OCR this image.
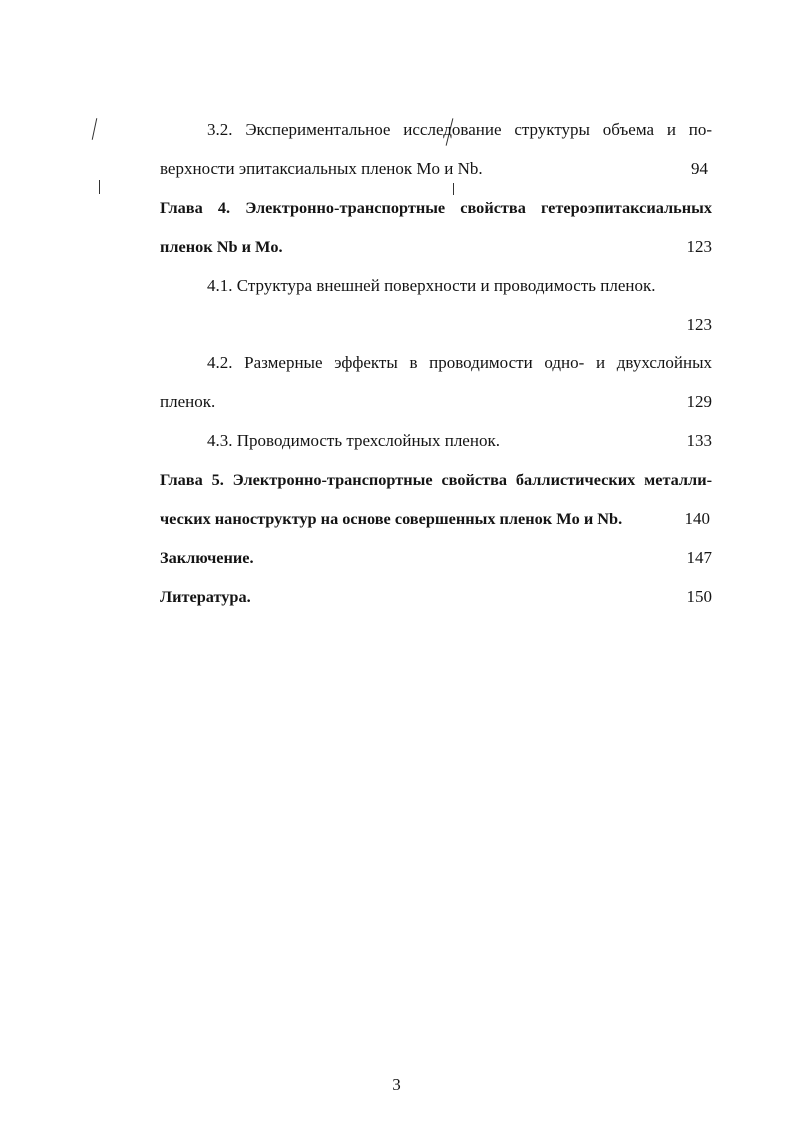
3.2. Экспериментальное исследование структуры объема и по-
верхности эпитаксиальных пленок Mo и Nb.	94
Глава 4. Электронно-транспортные свойства гетероэпитаксиальных
пленок Nb и Mo.	123
4.1. Структура внешней поверхности и проводимость пленок.
123
4.2. Размерные эффекты в проводимости одно- и двухслойных
пленок.	129
4.3. Проводимость трехслойных пленок.	133
Глава 5. Электронно-транспортные свойства баллистических металли-
ческих наноструктур на основе совершенных пленок Mo и Nb.	140
Заключение.	147
Литература.	150
3
